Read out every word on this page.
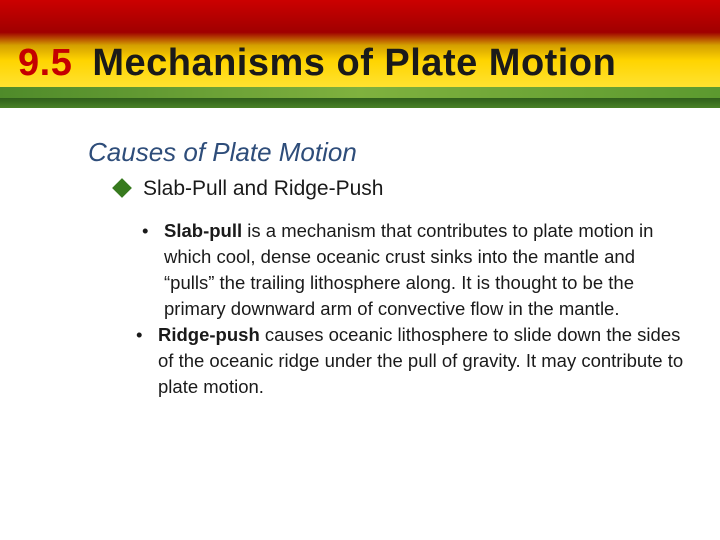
9.5 Mechanisms of Plate Motion
Causes of Plate Motion
Slab-Pull and Ridge-Push
• Slab-pull is a mechanism that contributes to plate motion in which cool, dense oceanic crust sinks into the mantle and “pulls” the trailing lithosphere along. It is thought to be the primary downward arm of convective flow in the mantle.
• Ridge-push causes oceanic lithosphere to slide down the sides of the oceanic ridge under the pull of gravity. It may contribute to plate motion.
